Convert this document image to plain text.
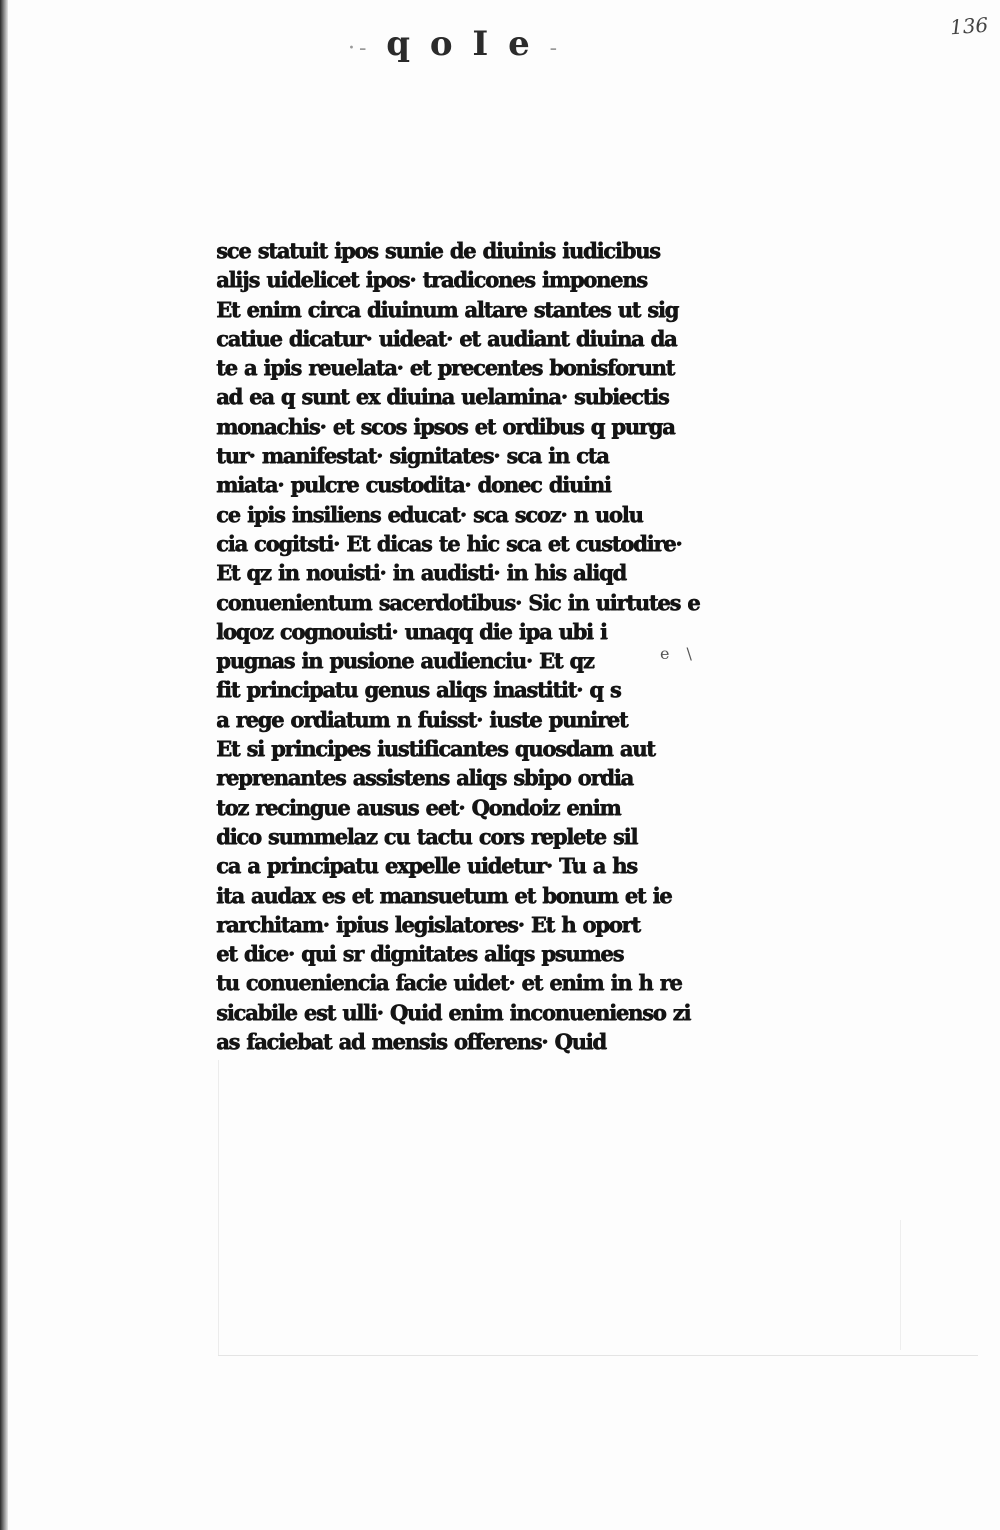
136
·- q o I e -
sce statuit ipos sunie de diuinis iudicibus
alijs uidelicet ipos· tradicones imponens
Et enim circa diuinum altare stantes ut sig
catiue dicatur· uideat· et audiant diuina da
te a ipis reuelata· et precentes bonisforunt
ad ea q sunt ex diuina uelamina· subiectis
monachis· et scos ipsos et ordibus q purga
tur· manifestat· signitates· sca in cta
miata· pulcre custodita· donec diuini
ce ipis insiliens educat· sca scoz· n uolu
cia cogitsti· Et dicas te hic sca et custodire·
Et qz in nouisti· in audisti· in his aliqd
conuenientum sacerdotibus· Sic in uirtutes e
loqoz cognouisti· unaqq die ipa ubi i
pugnas in pusione audienciu· Et qz
fit principatu genus aliqs inastitit· q s
a rege ordiatum n fuisst· iuste puniret
Et si principes iustificantes quosdam aut
reprenantes assistens aliqs sbipo ordia
toz recingue ausus eet· Qondoiz enim
dico summelaz cu tactu cors replete sil
ca a principatu expelle uidetur· Tu a hs
ita audax es et mansuetum et bonum et ie
rarchitam· ipius legislatores· Et h oport
et dice· qui sr dignitates aliqs psumes
tu conueniencia facie uidet· et enim in h re
sicabile est ulli· Quid enim inconuenienso zi
as faciebat ad mensis offerens· Quid
e \
